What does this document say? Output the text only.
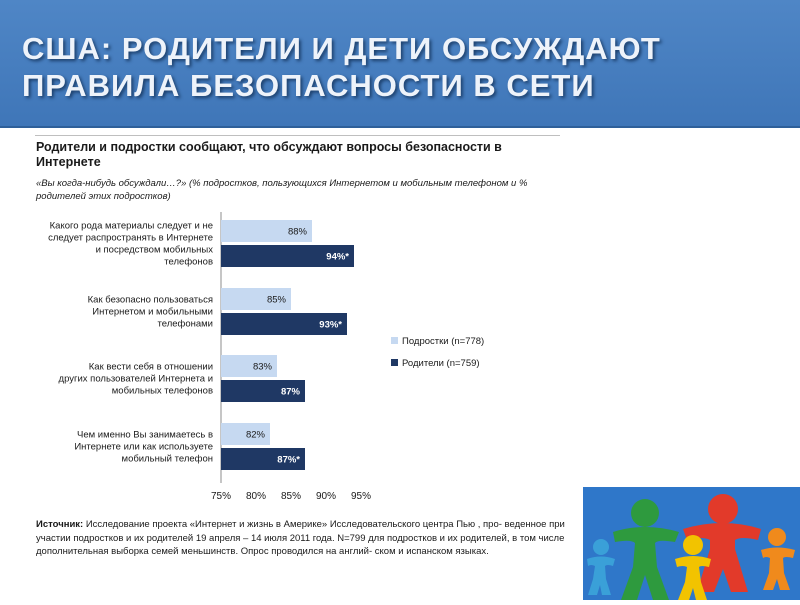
США: РОДИТЕЛИ И ДЕТИ ОБСУЖДАЮТ
ПРАВИЛА БЕЗОПАСНОСТИ В СЕТИ
Родители и подростки сообщают, что обсуждают вопросы безопасности в Интернете
«Вы когда-нибудь обсуждали…?» (% подростков, пользующихся Интернетом и мобильным телефоном и % родителей этих подростков)
Какого рода материалы следует и не следует распространять в Интернете и посредством мобильных телефонов
88%
94%*
Как безопасно пользоваться Интернетом и мобильными телефонами
85%
93%*
Как вести себя в отношении других пользователей Интернета и мобильных телефонов
83%
87%
Чем именно Вы занимаетесь в Интернете или как используете мобильный телефон
82%
87%*
75% 80% 85% 90% 95%
Подростки (n=778)
Родители (n=759)
Источник: Исследование проекта «Интернет и жизнь в Америке» Исследовательского центра Пью , про- веденное при участии подростков и их родителей 19 апреля – 14 июля 2011 года. N=799 для подростков и их родителей, в том числе дополнительная выборка семей меньшинств. Опрос проводился на англий- ском и испанском языках.
